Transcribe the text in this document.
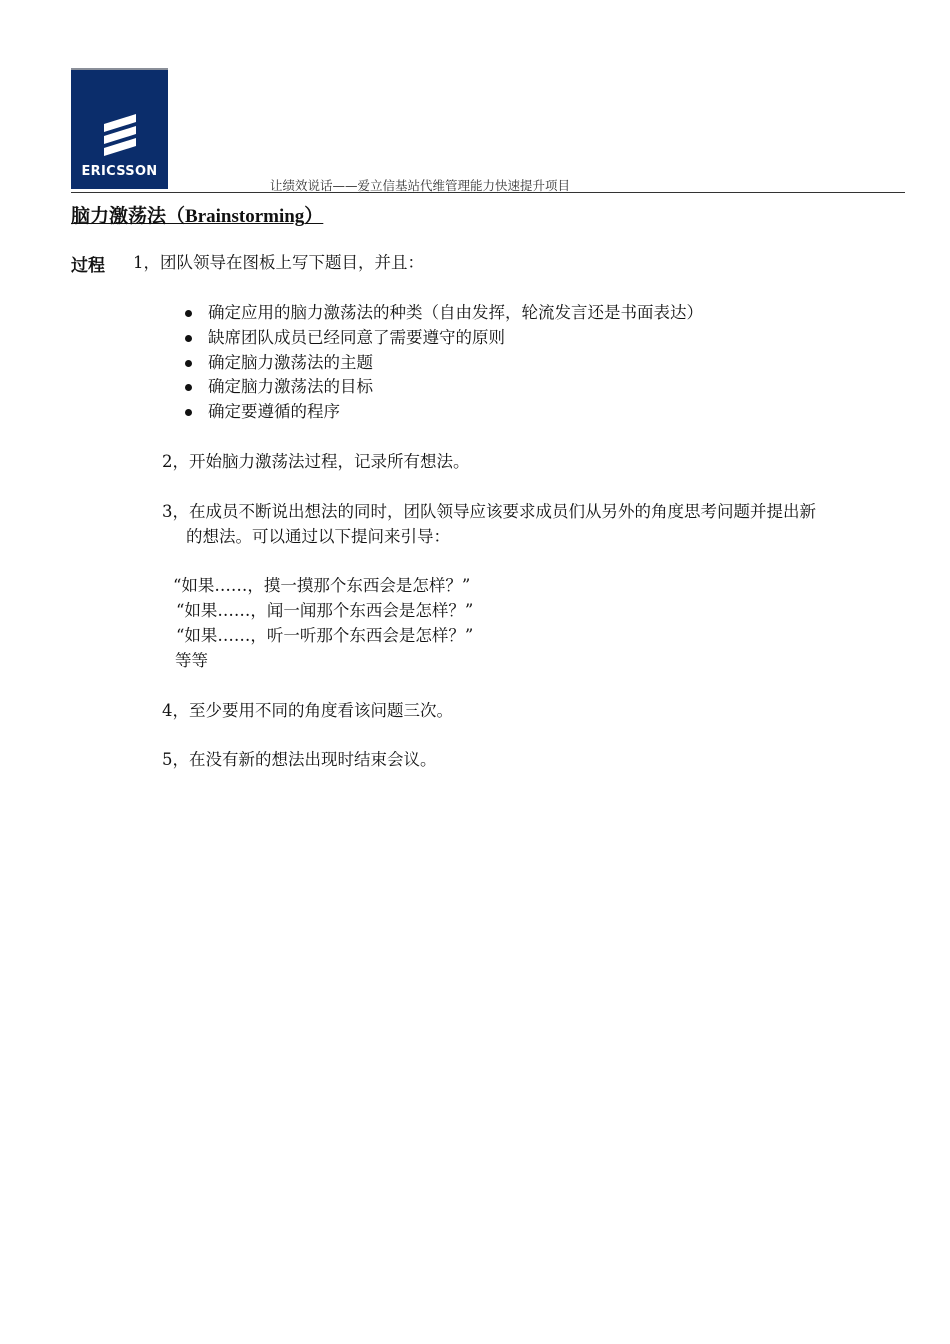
ERICSSON
让绩效说话——爱立信基站代维管理能力快速提升项目
脑力激荡法（Brainstorming）
过程 1，团队领导在图板上写下题目，并且：
确定应用的脑力激荡法的种类（自由发挥，轮流发言还是书面表达）
缺席团队成员已经同意了需要遵守的原则
确定脑力激荡法的主题
确定脑力激荡法的目标
确定要遵循的程序
2，开始脑力激荡法过程，记录所有想法。
3，在成员不断说出想法的同时，团队领导应该要求成员们从另外的角度思考问题并提出新
的想法。可以通过以下提问来引导：
“如果……，摸一摸那个东西会是怎样？”
“如果……，闻一闻那个东西会是怎样？”
“如果……，听一听那个东西会是怎样？”
等等
4，至少要用不同的角度看该问题三次。
5，在没有新的想法出现时结束会议。
